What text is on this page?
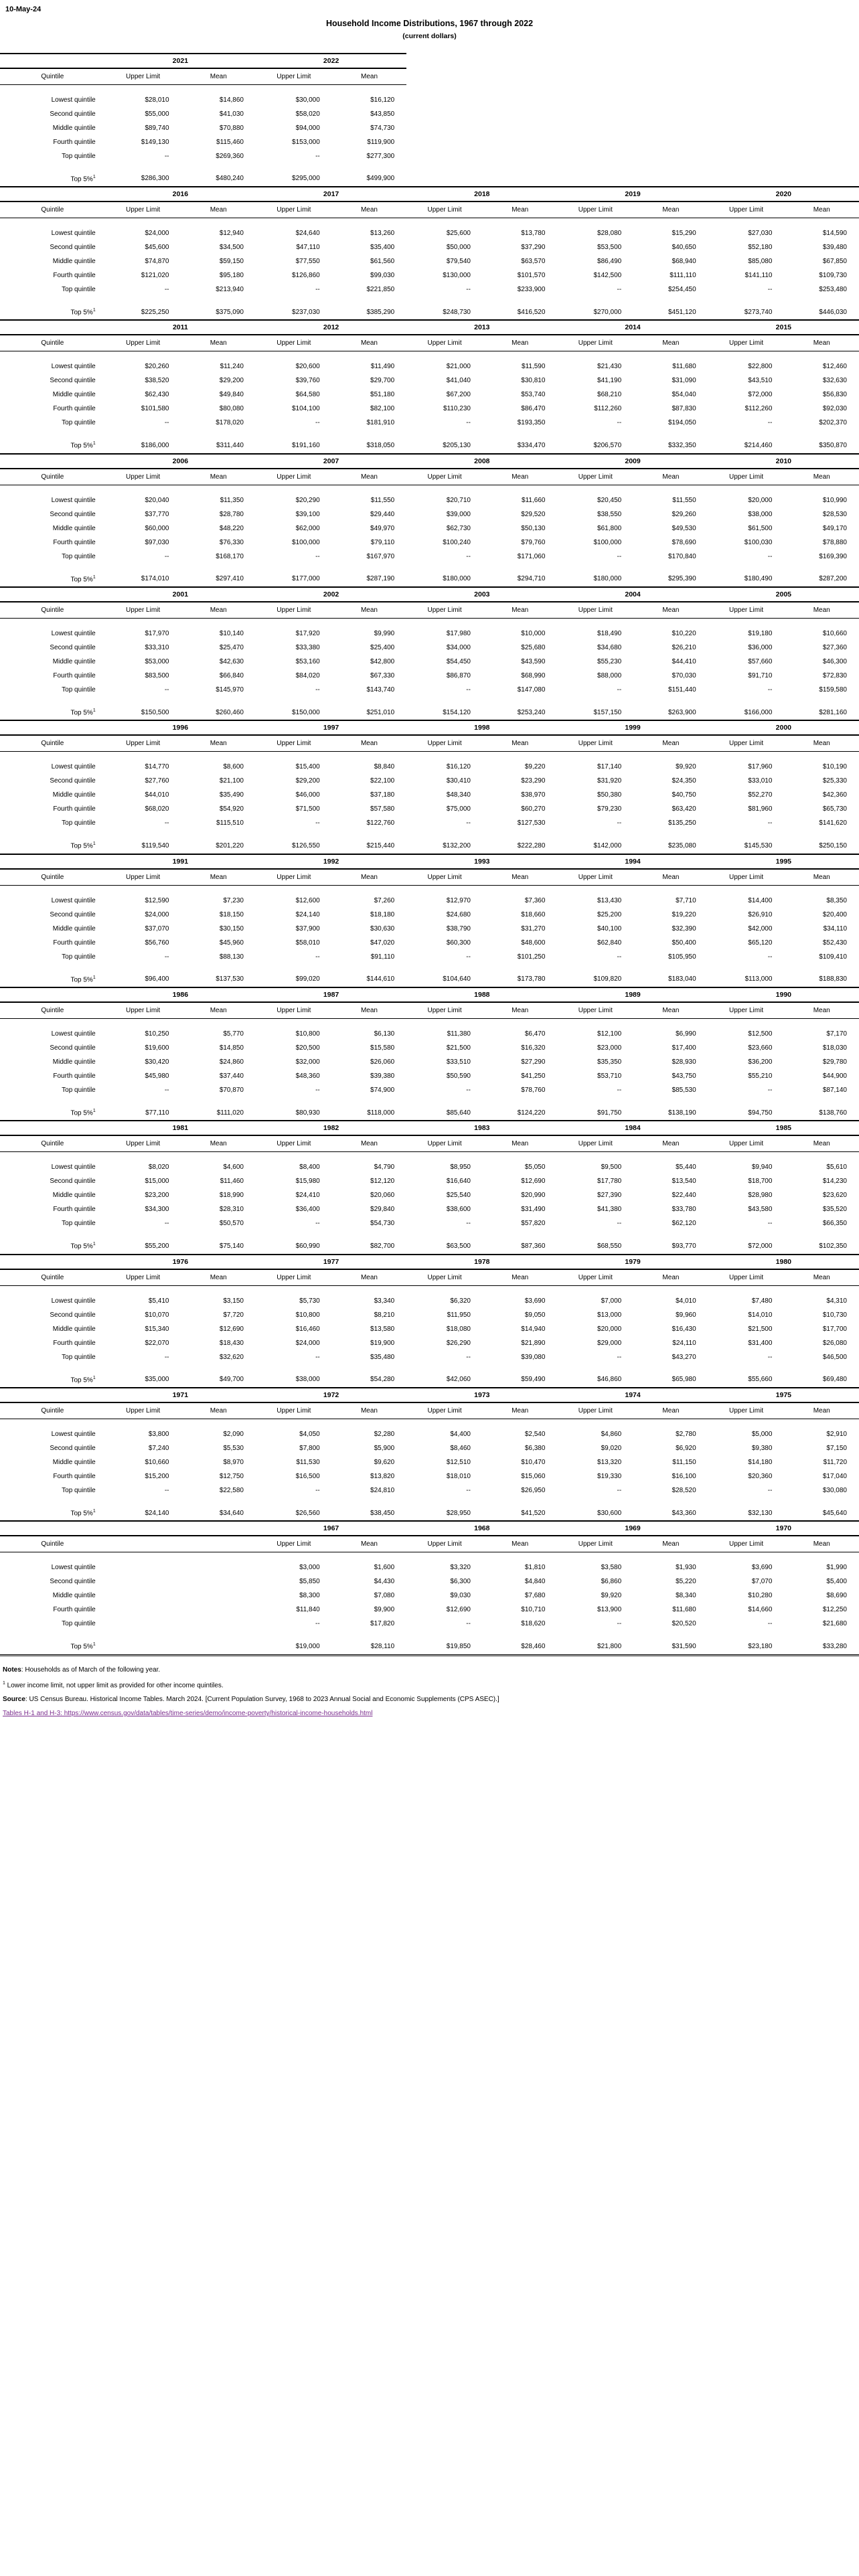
10-May-24
Household Income Distributions, 1967 through 2022
(current dollars)
	2021		2022							
Quintile	Upper Limit	Mean	Upper Limit	Mean						

Lowest quintile	$28,010	$14,860	$30,000	$16,120						
Second quintile	$55,000	$41,030	$58,020	$43,850						
Middle quintile	$89,740	$70,880	$94,000	$74,730						
Fourth quintile	$149,130	$115,460	$153,000	$119,900						
Top quintile	--	$269,360	--	$277,300						

Top 5%$^1$	$286,300	$480,240	$295,000	$499,900						
	2016		2017		2018		2019		2020	
Quintile	Upper Limit	Mean	Upper Limit	Mean	Upper Limit	Mean	Upper Limit	Mean	Upper Limit	Mean

Lowest quintile	$24,000	$12,940	$24,640	$13,260	$25,600	$13,780	$28,080	$15,290	$27,030	$14,590
Second quintile	$45,600	$34,500	$47,110	$35,400	$50,000	$37,290	$53,500	$40,650	$52,180	$39,480
Middle quintile	$74,870	$59,150	$77,550	$61,560	$79,540	$63,570	$86,490	$68,940	$85,080	$67,850
Fourth quintile	$121,020	$95,180	$126,860	$99,030	$130,000	$101,570	$142,500	$111,110	$141,110	$109,730
Top quintile	--	$213,940	--	$221,850	--	$233,900	--	$254,450	--	$253,480

Top 5%$^1$	$225,250	$375,090	$237,030	$385,290	$248,730	$416,520	$270,000	$451,120	$273,740	$446,030
	2011		2012		2013		2014		2015	
Quintile	Upper Limit	Mean	Upper Limit	Mean	Upper Limit	Mean	Upper Limit	Mean	Upper Limit	Mean

Lowest quintile	$20,260	$11,240	$20,600	$11,490	$21,000	$11,590	$21,430	$11,680	$22,800	$12,460
Second quintile	$38,520	$29,200	$39,760	$29,700	$41,040	$30,810	$41,190	$31,090	$43,510	$32,630
Middle quintile	$62,430	$49,840	$64,580	$51,180	$67,200	$53,740	$68,210	$54,040	$72,000	$56,830
Fourth quintile	$101,580	$80,080	$104,100	$82,100	$110,230	$86,470	$112,260	$87,830	$112,260	$92,030
Top quintile	--	$178,020	--	$181,910	--	$193,350	--	$194,050	--	$202,370

Top 5%$^1$	$186,000	$311,440	$191,160	$318,050	$205,130	$334,470	$206,570	$332,350	$214,460	$350,870
	2006		2007		2008		2009		2010	
Quintile	Upper Limit	Mean	Upper Limit	Mean	Upper Limit	Mean	Upper Limit	Mean	Upper Limit	Mean

Lowest quintile	$20,040	$11,350	$20,290	$11,550	$20,710	$11,660	$20,450	$11,550	$20,000	$10,990
Second quintile	$37,770	$28,780	$39,100	$29,440	$39,000	$29,520	$38,550	$29,260	$38,000	$28,530
Middle quintile	$60,000	$48,220	$62,000	$49,970	$62,730	$50,130	$61,800	$49,530	$61,500	$49,170
Fourth quintile	$97,030	$76,330	$100,000	$79,110	$100,240	$79,760	$100,000	$78,690	$100,030	$78,880
Top quintile	--	$168,170	--	$167,970	--	$171,060	--	$170,840	--	$169,390

Top 5%$^1$	$174,010	$297,410	$177,000	$287,190	$180,000	$294,710	$180,000	$295,390	$180,490	$287,200
	2001		2002		2003		2004		2005	
Quintile	Upper Limit	Mean	Upper Limit	Mean	Upper Limit	Mean	Upper Limit	Mean	Upper Limit	Mean

Lowest quintile	$17,970	$10,140	$17,920	$9,990	$17,980	$10,000	$18,490	$10,220	$19,180	$10,660
Second quintile	$33,310	$25,470	$33,380	$25,400	$34,000	$25,680	$34,680	$26,210	$36,000	$27,360
Middle quintile	$53,000	$42,630	$53,160	$42,800	$54,450	$43,590	$55,230	$44,410	$57,660	$46,300
Fourth quintile	$83,500	$66,840	$84,020	$67,330	$86,870	$68,990	$88,000	$70,030	$91,710	$72,830
Top quintile	--	$145,970	--	$143,740	--	$147,080	--	$151,440	--	$159,580

Top 5%$^1$	$150,500	$260,460	$150,000	$251,010	$154,120	$253,240	$157,150	$263,900	$166,000	$281,160
	1996		1997		1998		1999		2000	
Quintile	Upper Limit	Mean	Upper Limit	Mean	Upper Limit	Mean	Upper Limit	Mean	Upper Limit	Mean

Lowest quintile	$14,770	$8,600	$15,400	$8,840	$16,120	$9,220	$17,140	$9,920	$17,960	$10,190
Second quintile	$27,760	$21,100	$29,200	$22,100	$30,410	$23,290	$31,920	$24,350	$33,010	$25,330
Middle quintile	$44,010	$35,490	$46,000	$37,180	$48,340	$38,970	$50,380	$40,750	$52,270	$42,360
Fourth quintile	$68,020	$54,920	$71,500	$57,580	$75,000	$60,270	$79,230	$63,420	$81,960	$65,730
Top quintile	--	$115,510	--	$122,760	--	$127,530	--	$135,250	--	$141,620

Top 5%$^1$	$119,540	$201,220	$126,550	$215,440	$132,200	$222,280	$142,000	$235,080	$145,530	$250,150
	1991		1992		1993		1994		1995	
Quintile	Upper Limit	Mean	Upper Limit	Mean	Upper Limit	Mean	Upper Limit	Mean	Upper Limit	Mean

Lowest quintile	$12,590	$7,230	$12,600	$7,260	$12,970	$7,360	$13,430	$7,710	$14,400	$8,350
Second quintile	$24,000	$18,150	$24,140	$18,180	$24,680	$18,660	$25,200	$19,220	$26,910	$20,400
Middle quintile	$37,070	$30,150	$37,900	$30,630	$38,790	$31,270	$40,100	$32,390	$42,000	$34,110
Fourth quintile	$56,760	$45,960	$58,010	$47,020	$60,300	$48,600	$62,840	$50,400	$65,120	$52,430
Top quintile	--	$88,130	--	$91,110	--	$101,250	--	$105,950	--	$109,410

Top 5%$^1$	$96,400	$137,530	$99,020	$144,610	$104,640	$173,780	$109,820	$183,040	$113,000	$188,830
	1986		1987		1988		1989		1990	
Quintile	Upper Limit	Mean	Upper Limit	Mean	Upper Limit	Mean	Upper Limit	Mean	Upper Limit	Mean

Lowest quintile	$10,250	$5,770	$10,800	$6,130	$11,380	$6,470	$12,100	$6,990	$12,500	$7,170
Second quintile	$19,600	$14,850	$20,500	$15,580	$21,500	$16,320	$23,000	$17,400	$23,660	$18,030
Middle quintile	$30,420	$24,860	$32,000	$26,060	$33,510	$27,290	$35,350	$28,930	$36,200	$29,780
Fourth quintile	$45,980	$37,440	$48,360	$39,380	$50,590	$41,250	$53,710	$43,750	$55,210	$44,900
Top quintile	--	$70,870	--	$74,900	--	$78,760	--	$85,530	--	$87,140

Top 5%$^1$	$77,110	$111,020	$80,930	$118,000	$85,640	$124,220	$91,750	$138,190	$94,750	$138,760
	1981		1982		1983		1984		1985	
Quintile	Upper Limit	Mean	Upper Limit	Mean	Upper Limit	Mean	Upper Limit	Mean	Upper Limit	Mean

Lowest quintile	$8,020	$4,600	$8,400	$4,790	$8,950	$5,050	$9,500	$5,440	$9,940	$5,610
Second quintile	$15,000	$11,460	$15,980	$12,120	$16,640	$12,690	$17,780	$13,540	$18,700	$14,230
Middle quintile	$23,200	$18,990	$24,410	$20,060	$25,540	$20,990	$27,390	$22,440	$28,980	$23,620
Fourth quintile	$34,300	$28,310	$36,400	$29,840	$38,600	$31,490	$41,380	$33,780	$43,580	$35,520
Top quintile	--	$50,570	--	$54,730	--	$57,820	--	$62,120	--	$66,350

Top 5%$^1$	$55,200	$75,140	$60,990	$82,700	$63,500	$87,360	$68,550	$93,770	$72,000	$102,350
	1976		1977		1978		1979		1980	
Quintile	Upper Limit	Mean	Upper Limit	Mean	Upper Limit	Mean	Upper Limit	Mean	Upper Limit	Mean

Lowest quintile	$5,410	$3,150	$5,730	$3,340	$6,320	$3,690	$7,000	$4,010	$7,480	$4,310
Second quintile	$10,070	$7,720	$10,800	$8,210	$11,950	$9,050	$13,000	$9,960	$14,010	$10,730
Middle quintile	$15,340	$12,690	$16,460	$13,580	$18,080	$14,940	$20,000	$16,430	$21,500	$17,700
Fourth quintile	$22,070	$18,430	$24,000	$19,900	$26,290	$21,890	$29,000	$24,110	$31,400	$26,080
Top quintile	--	$32,620	--	$35,480	--	$39,080	--	$43,270	--	$46,500

Top 5%$^1$	$35,000	$49,700	$38,000	$54,280	$42,060	$59,490	$46,860	$65,980	$55,660	$69,480
	1971		1972		1973		1974		1975	
Quintile	Upper Limit	Mean	Upper Limit	Mean	Upper Limit	Mean	Upper Limit	Mean	Upper Limit	Mean

Lowest quintile	$3,800	$2,090	$4,050	$2,280	$4,400	$2,540	$4,860	$2,780	$5,000	$2,910
Second quintile	$7,240	$5,530	$7,800	$5,900	$8,460	$6,380	$9,020	$6,920	$9,380	$7,150
Middle quintile	$10,660	$8,970	$11,530	$9,620	$12,510	$10,470	$13,320	$11,150	$14,180	$11,720
Fourth quintile	$15,200	$12,750	$16,500	$13,820	$18,010	$15,060	$19,330	$16,100	$20,360	$17,040
Top quintile	--	$22,580	--	$24,810	--	$26,950	--	$28,520	--	$30,080

Top 5%$^1$	$24,140	$34,640	$26,560	$38,450	$28,950	$41,520	$30,600	$43,360	$32,130	$45,640
			1967		1968		1969		1970	
Quintile			Upper Limit	Mean	Upper Limit	Mean	Upper Limit	Mean	Upper Limit	Mean

Lowest quintile			$3,000	$1,600	$3,320	$1,810	$3,580	$1,930	$3,690	$1,990
Second quintile			$5,850	$4,430	$6,300	$4,840	$6,860	$5,220	$7,070	$5,400
Middle quintile			$8,300	$7,080	$9,030	$7,680	$9,920	$8,340	$10,280	$8,690
Fourth quintile			$11,840	$9,900	$12,690	$10,710	$13,900	$11,680	$14,660	$12,250
Top quintile			--	$17,820	--	$18,620	--	$20,520	--	$21,680

Top 5%$^1$			$19,000	$28,110	$19,850	$28,460	$21,800	$31,590	$23,180	$33,280

Notes: Households as of March of the following year.

$^1$ Lower income limit, not upper limit as provided for other income quintiles.

Source: US Census Bureau. Historical Income Tables. March 2024. [Current Population Survey, 1968 to 2023 Annual Social and Economic Supplements (CPS ASEC).]

Tables H-1 and H-3: https://www.census.gov/data/tables/time-series/demo/income-poverty/historical-income-households.html
